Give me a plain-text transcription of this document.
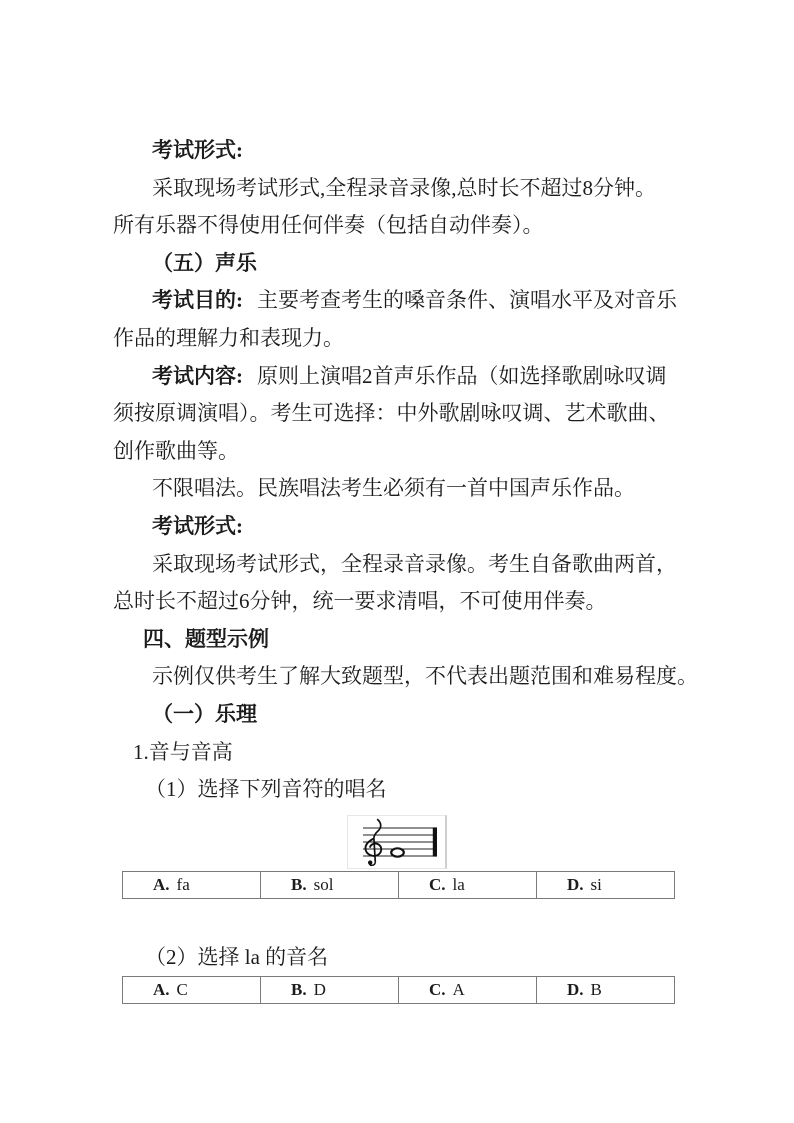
考试形式:
采取现场考试形式,全程录音录像,总时长不超过8分钟。
所有乐器不得使用任何伴奏（包括自动伴奏）。
（五）声乐
考试目的: 主要考查考生的嗓音条件、演唱水平及对音乐
作品的理解力和表现力。
考试内容: 原则上演唱2首声乐作品（如选择歌剧咏叹调
须按原调演唱）。考生可选择：中外歌剧咏叹调、艺术歌曲、
创作歌曲等。
不限唱法。民族唱法考生必须有一首中国声乐作品。
考试形式:
采取现场考试形式，全程录音录像。考生自备歌曲两首，
总时长不超过6分钟，统一要求清唱，不可使用伴奏。
四、题型示例
示例仅供考生了解大致题型，不代表出题范围和难易程度。
（一）乐理
1.音与音高
（1）选择下列音符的唱名
A. fa	B. sol	C. la	D. si
（2）选择 la 的音名
A. C	B. D	C. A	D. B
